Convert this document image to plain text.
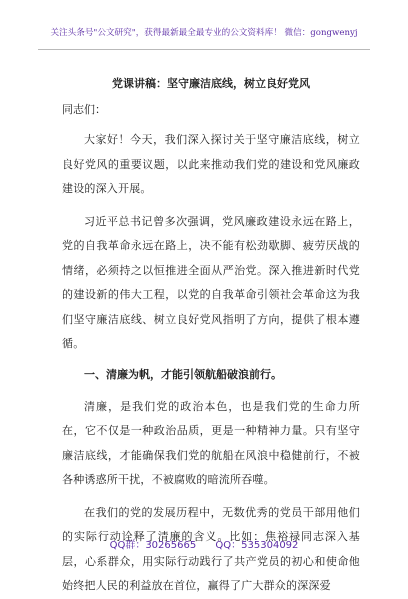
关注头条号"公文研究"，获得最新最全最专业的公文资料库！ 微信：gongwenyj
党课讲稿：坚守廉洁底线，树立良好党风
同志们：

大家好！今天，我们深入探讨关于坚守廉洁底线，树立良好党风的重要议题，以此来推动我们党的建设和党风廉政建设的深入开展。

习近平总书记曾多次强调，党风廉政建设永远在路上，党的自我革命永远在路上，决不能有松劲歇脚、疲劳厌战的情绪，必须持之以恒推进全面从严治党。深入推进新时代党的建设新的伟大工程，以党的自我革命引领社会革命这为我们坚守廉洁底线、树立良好党风指明了方向，提供了根本遵循。

一、清廉为帆，才能引领航船破浪前行。

清廉，是我们党的政治本色，也是我们党的生命力所在，它不仅是一种政治品质，更是一种精神力量。只有坚守廉洁底线，才能确保我们党的航船在风浪中稳健前行，不被各种诱惑所干扰，不被腐败的暗流所吞噬。

在我们的党的发展历程中，无数优秀的党员干部用他们的实际行动诠释了清廉的含义。比如：焦裕禄同志深入基层，心系群众，用实际行动践行了共产党员的初心和使命他始终把人民的利益放在首位，赢得了广大群众的深深爱

QQ群：30265665 QQ：535304092
